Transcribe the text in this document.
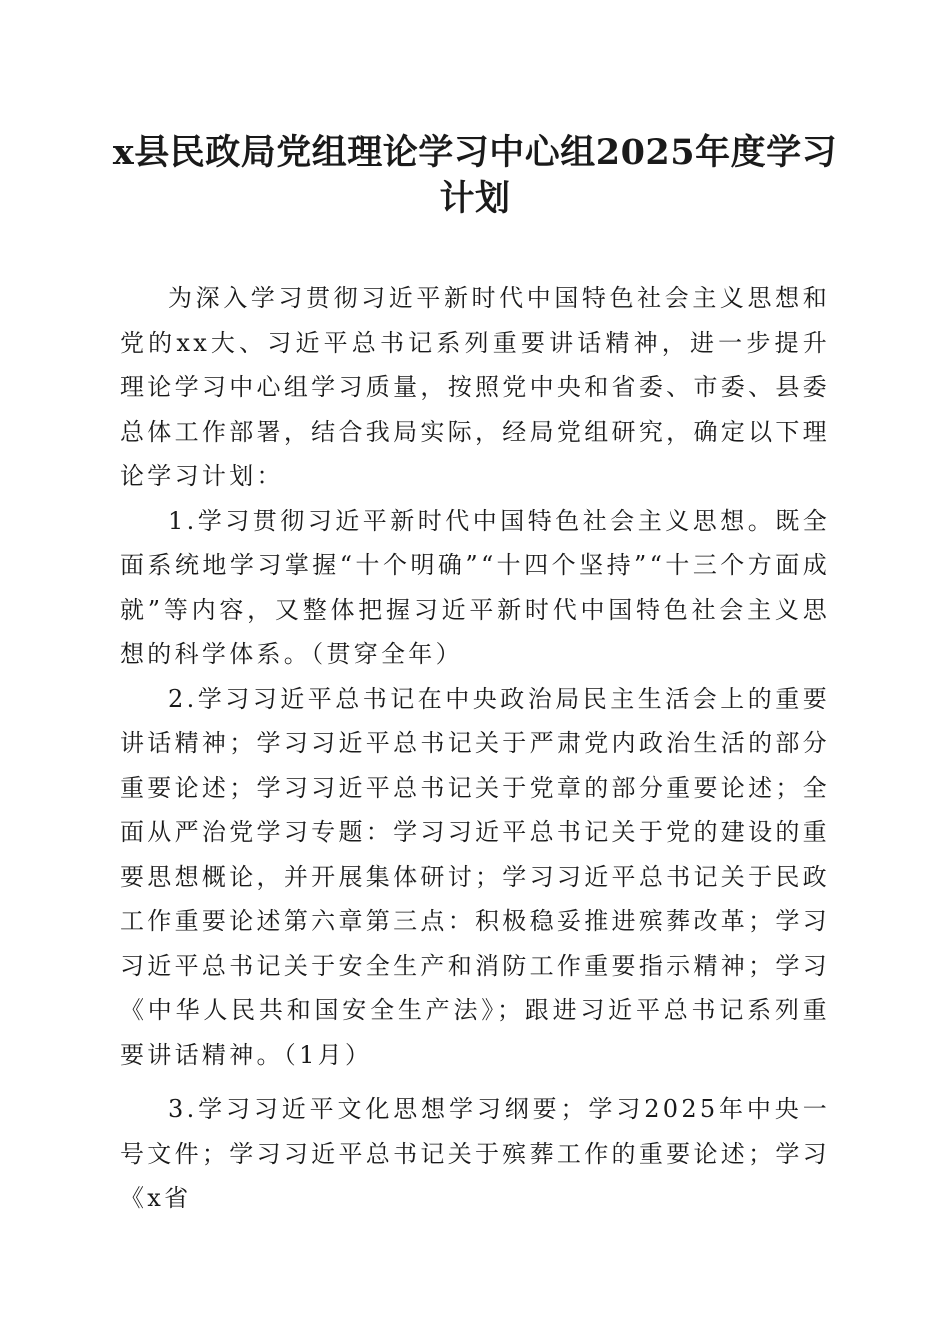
x县民政局党组理论学习中心组2025年度学习计划

为深入学习贯彻习近平新时代中国特色社会主义思想和党的xx大、习近平总书记系列重要讲话精神，进一步提升理论学习中心组学习质量，按照党中央和省委、市委、县委总体工作部署，结合我局实际，经局党组研究，确定以下理论学习计划：

1.学习贯彻习近平新时代中国特色社会主义思想。既全面系统地学习掌握“十个明确”“十四个坚持”“十三个方面成就”等内容，又整体把握习近平新时代中国特色社会主义思想的科学体系。（贯穿全年）

2.学习习近平总书记在中央政治局民主生活会上的重要讲话精神；学习习近平总书记关于严肃党内政治生活的部分重要论述；学习习近平总书记关于党章的部分重要论述；全面从严治党学习专题：学习习近平总书记关于党的建设的重要思想概论，并开展集体研讨；学习习近平总书记关于民政工作重要论述第六章第三点：积极稳妥推进殡葬改革；学习习近平总书记关于安全生产和消防工作重要指示精神；学习《中华人民共和国安全生产法》；跟进习近平总书记系列重要讲话精神。（1月）

3.学习习近平文化思想学习纲要；学习2025年中央一号文件；学习习近平总书记关于殡葬工作的重要论述；学习《x省
